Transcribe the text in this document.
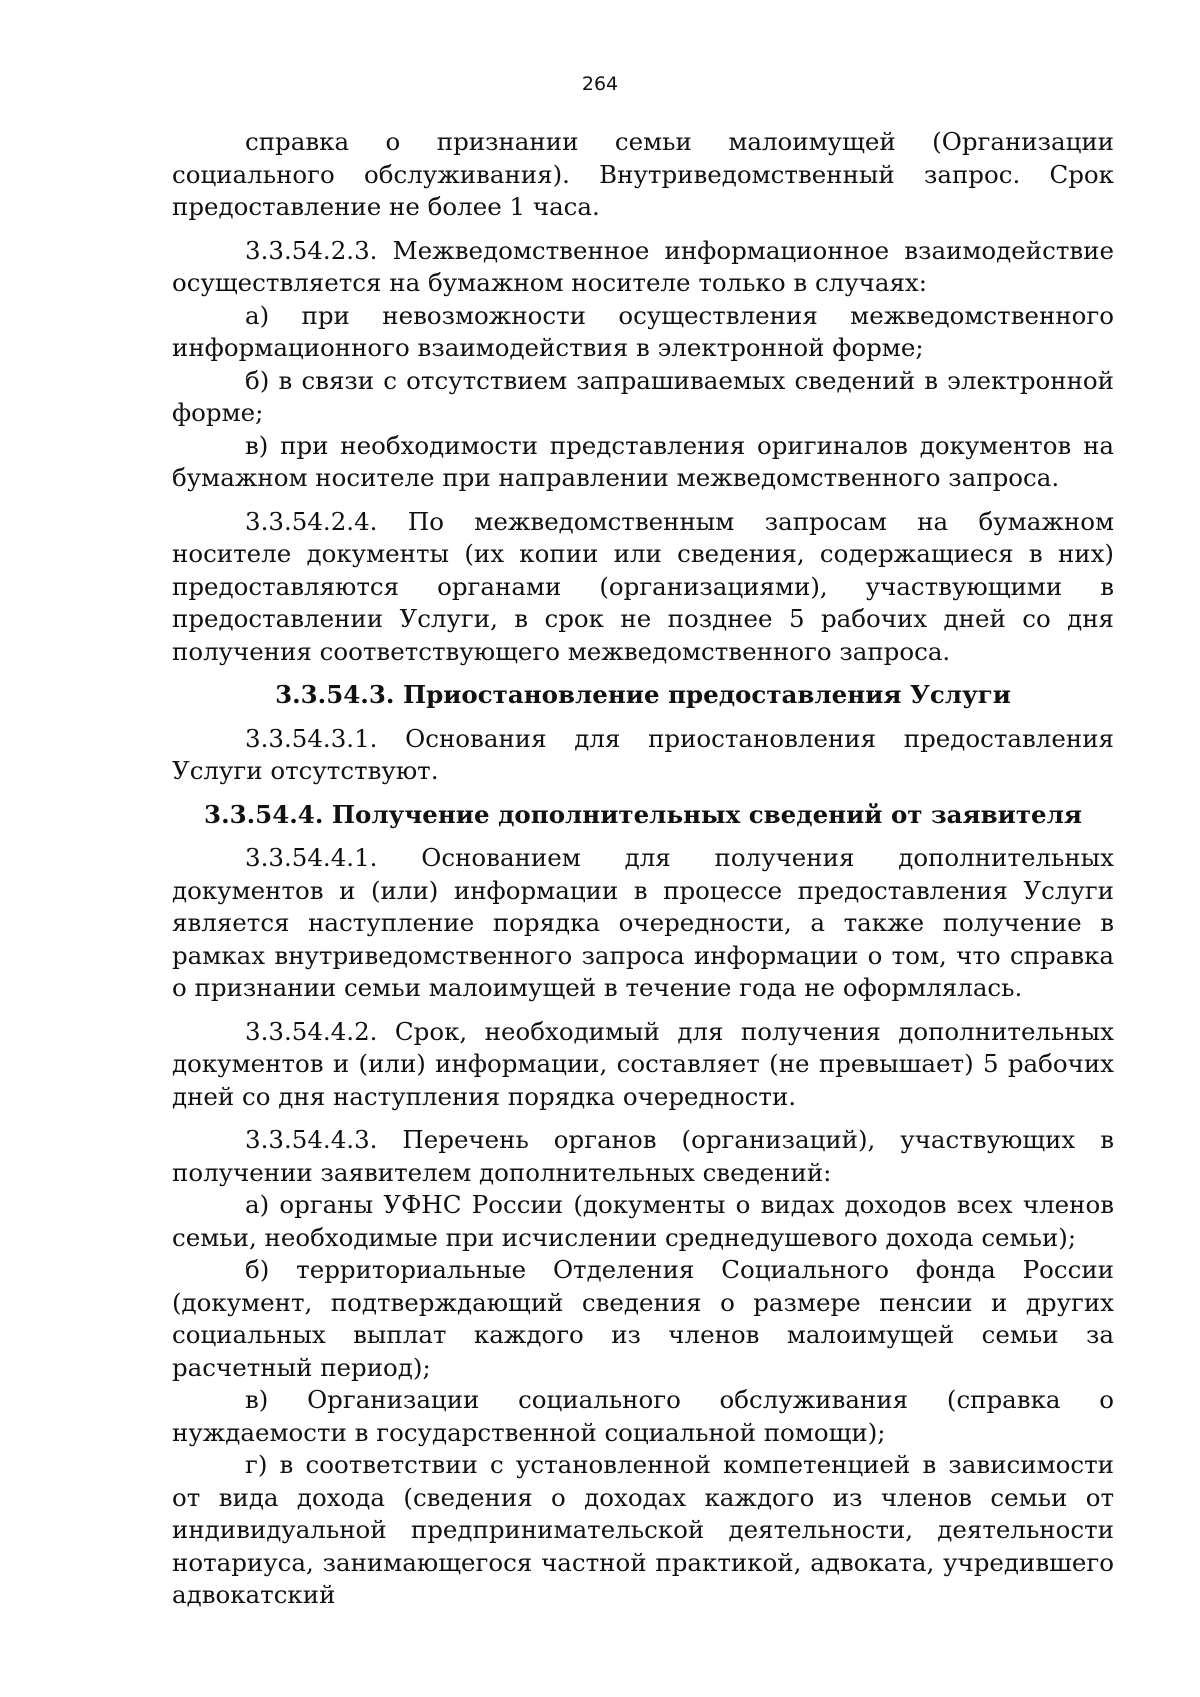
264

справка о признании семьи малоимущей (Организации социального обслуживания). Внутриведомственный запрос. Срок предоставление не более 1 часа.

3.3.54.2.3. Межведомственное информационное взаимодействие осуществляется на бумажном носителе только в случаях:

а) при невозможности осуществления межведомственного информационного взаимодействия в электронной форме;

б) в связи с отсутствием запрашиваемых сведений в электронной форме;

в) при необходимости представления оригиналов документов на бумажном носителе при направлении межведомственного запроса.

3.3.54.2.4. По межведомственным запросам на бумажном носителе документы (их копии или сведения, содержащиеся в них) предоставляются органами (организациями), участвующими в предоставлении Услуги, в срок не позднее 5 рабочих дней со дня получения соответствующего межведомственного запроса.

3.3.54.3. Приостановление предоставления Услуги

3.3.54.3.1. Основания для приостановления предоставления Услуги отсутствуют.

3.3.54.4. Получение дополнительных сведений от заявителя

3.3.54.4.1. Основанием для получения дополнительных документов и (или) информации в процессе предоставления Услуги является наступление порядка очередности, а также получение в рамках внутриведомственного запроса информации о том, что справка о признании семьи малоимущей в течение года не оформлялась.

3.3.54.4.2. Срок, необходимый для получения дополнительных документов и (или) информации, составляет (не превышает) 5 рабочих дней со дня наступления порядка очередности.

3.3.54.4.3. Перечень органов (организаций), участвующих в получении заявителем дополнительных сведений:

а) органы УФНС России (документы о видах доходов всех членов семьи, необходимые при исчислении среднедушевого дохода семьи);

б) территориальные Отделения Социального фонда России (документ, подтверждающий сведения о размере пенсии и других социальных выплат каждого из членов малоимущей семьи за расчетный период);

в) Организации социального обслуживания (справка о нуждаемости в государственной социальной помощи);

г) в соответствии с установленной компетенцией в зависимости от вида дохода (сведения о доходах каждого из членов семьи от индивидуальной предпринимательской деятельности, деятельности нотариуса, занимающегося частной практикой, адвоката, учредившего адвокатский
